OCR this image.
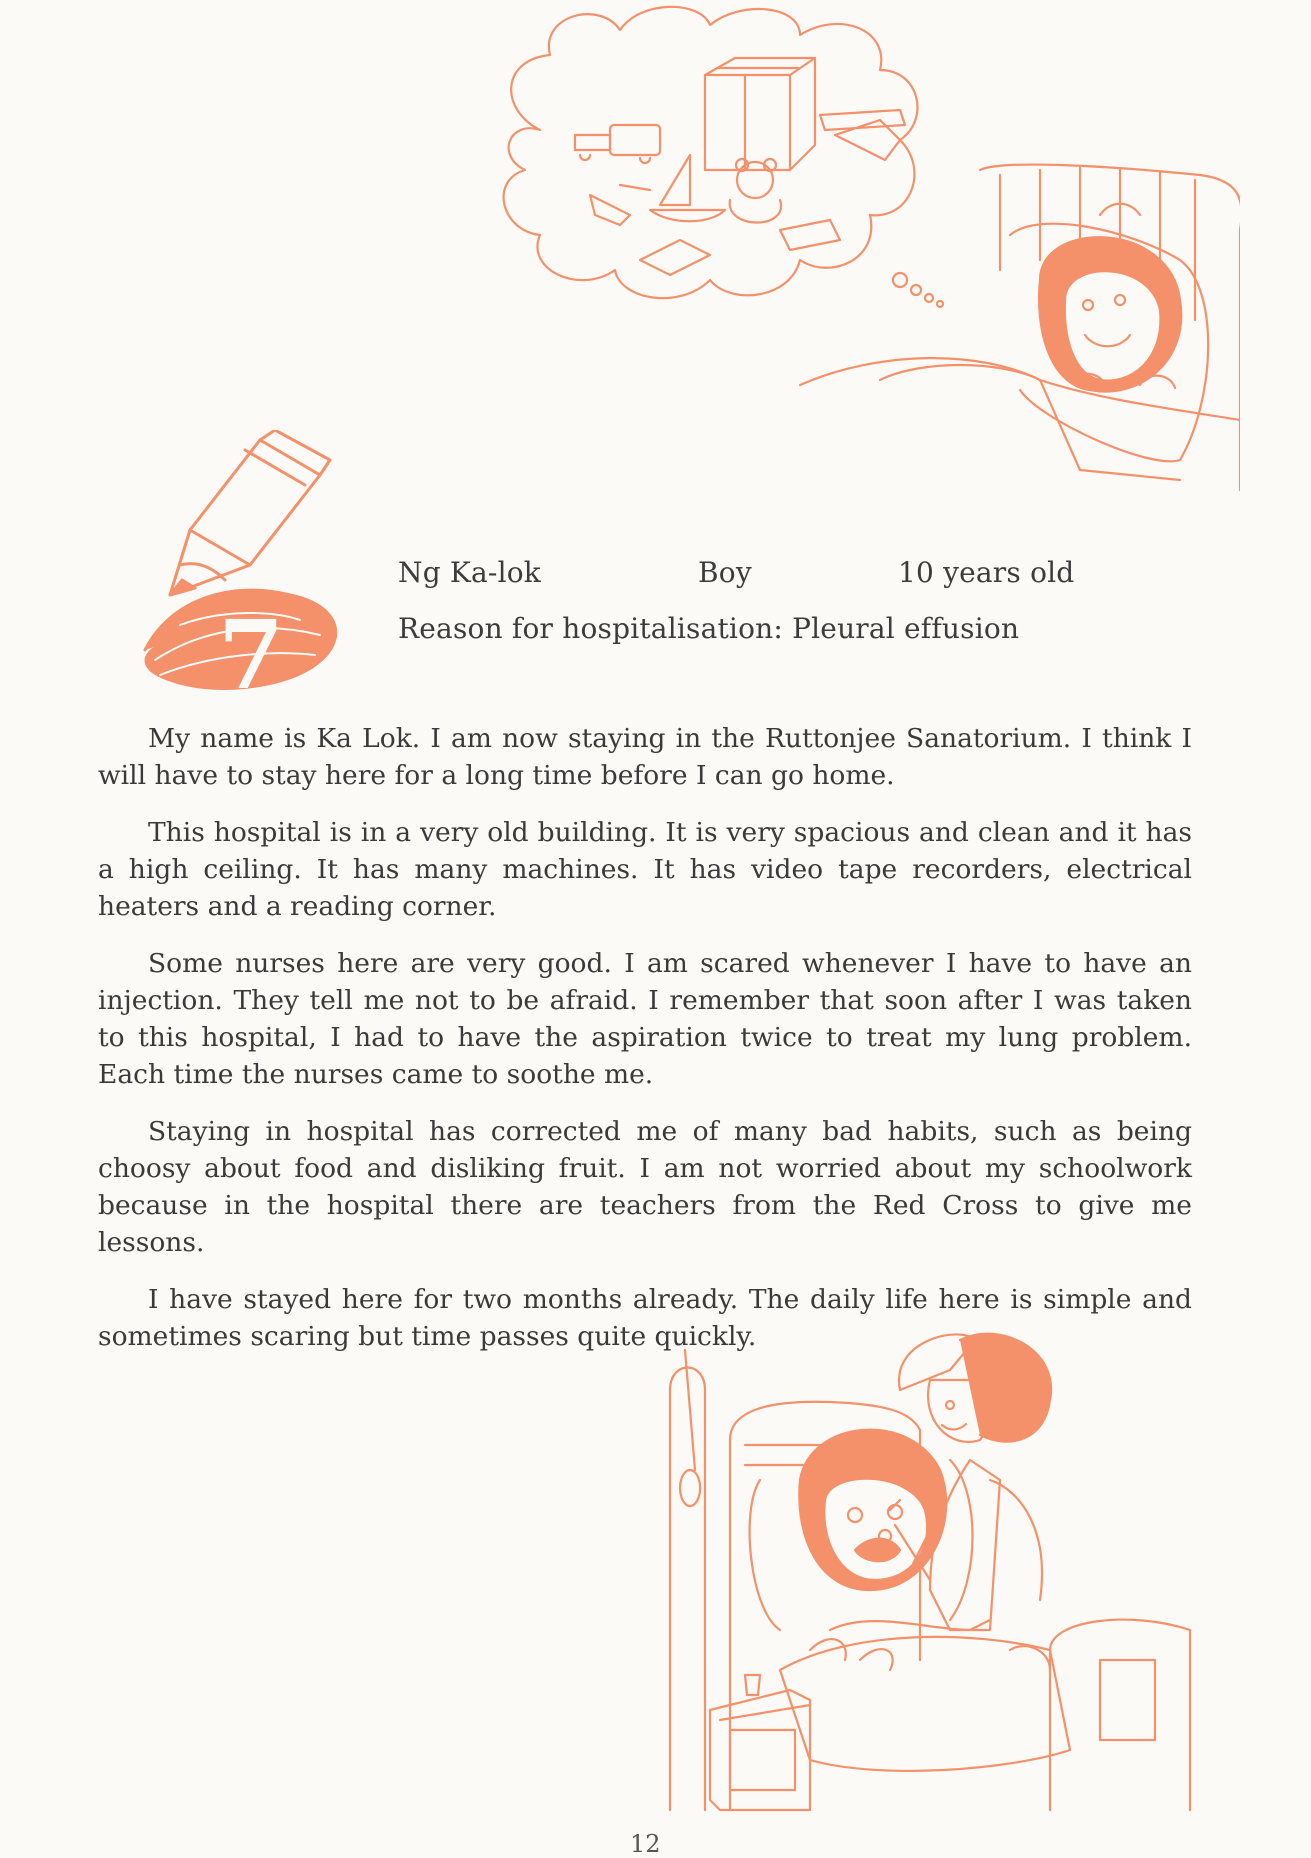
7
Ng Ka-lok	Boy	10 years old
Reason for hospitalisation: Pleural effusion

My name is Ka Lok. I am now staying in the Ruttonjee Sanatorium. I think I will have to stay here for a long time before I can go home.

This hospital is in a very old building. It is very spacious and clean and it has a high ceiling. It has many machines. It has video tape recorders, electrical heaters and a reading corner.

Some nurses here are very good. I am scared whenever I have to have an injection. They tell me not to be afraid. I remember that soon after I was taken to this hospital, I had to have the aspiration twice to treat my lung problem. Each time the nurses came to soothe me.

Staying in hospital has corrected me of many bad habits, such as being choosy about food and disliking fruit. I am not worried about my schoolwork because in the hospital there are teachers from the Red Cross to give me lessons.

I have stayed here for two months already. The daily life here is simple and sometimes scaring but time passes quite quickly.

12
